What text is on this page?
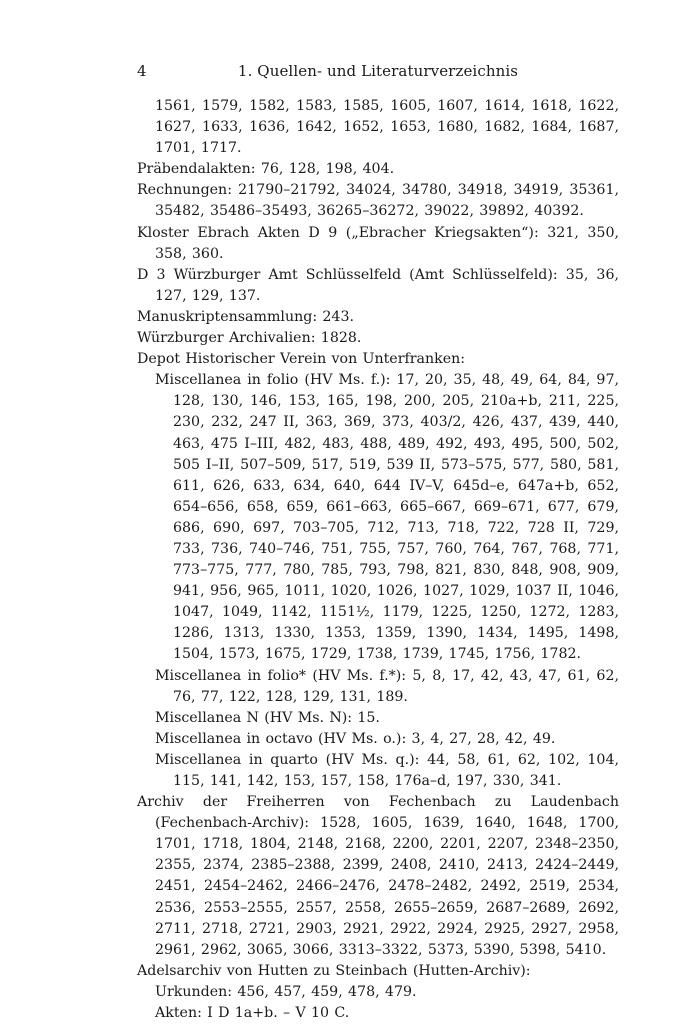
4	1. Quellen- und Literaturverzeichnis
1561, 1579, 1582, 1583, 1585, 1605, 1607, 1614, 1618, 1622, 1627, 1633, 1636, 1642, 1652, 1653, 1680, 1682, 1684, 1687, 1701, 1717.
Präbendalakten: 76, 128, 198, 404.
Rechnungen: 21790–21792, 34024, 34780, 34918, 34919, 35361, 35482, 35486–35493, 36265–36272, 39022, 39892, 40392.
Kloster Ebrach Akten D 9 („Ebracher Kriegsakten“): 321, 350, 358, 360.
D 3 Würzburger Amt Schlüsselfeld (Amt Schlüsselfeld): 35, 36, 127, 129, 137.
Manuskriptensammlung: 243.
Würzburger Archivalien: 1828.
Depot Historischer Verein von Unterfranken:
Miscellanea in folio (HV Ms. f.): 17, 20, 35, 48, 49, 64, 84, 97, 128, 130, 146, 153, 165, 198, 200, 205, 210a+b, 211, 225, 230, 232, 247 II, 363, 369, 373, 403/2, 426, 437, 439, 440, 463, 475 I–III, 482, 483, 488, 489, 492, 493, 495, 500, 502, 505 I–II, 507–509, 517, 519, 539 II, 573–575, 577, 580, 581, 611, 626, 633, 634, 640, 644 IV–V, 645d–e, 647a+b, 652, 654–656, 658, 659, 661–663, 665–667, 669–671, 677, 679, 686, 690, 697, 703–705, 712, 713, 718, 722, 728 II, 729, 733, 736, 740–746, 751, 755, 757, 760, 764, 767, 768, 771, 773–775, 777, 780, 785, 793, 798, 821, 830, 848, 908, 909, 941, 956, 965, 1011, 1020, 1026, 1027, 1029, 1037 II, 1046, 1047, 1049, 1142, 1151½, 1179, 1225, 1250, 1272, 1283, 1286, 1313, 1330, 1353, 1359, 1390, 1434, 1495, 1498, 1504, 1573, 1675, 1729, 1738, 1739, 1745, 1756, 1782.
Miscellanea in folio* (HV Ms. f.*): 5, 8, 17, 42, 43, 47, 61, 62, 76, 77, 122, 128, 129, 131, 189.
Miscellanea N (HV Ms. N): 15.
Miscellanea in octavo (HV Ms. o.): 3, 4, 27, 28, 42, 49.
Miscellanea in quarto (HV Ms. q.): 44, 58, 61, 62, 102, 104, 115, 141, 142, 153, 157, 158, 176a–d, 197, 330, 341.
Archiv der Freiherren von Fechenbach zu Laudenbach (Fechenbach-Archiv): 1528, 1605, 1639, 1640, 1648, 1700, 1701, 1718, 1804, 2148, 2168, 2200, 2201, 2207, 2348–2350, 2355, 2374, 2385–2388, 2399, 2408, 2410, 2413, 2424–2449, 2451, 2454–2462, 2466–2476, 2478–2482, 2492, 2519, 2534, 2536, 2553–2555, 2557, 2558, 2655–2659, 2687–2689, 2692, 2711, 2718, 2721, 2903, 2921, 2922, 2924, 2925, 2927, 2958, 2961, 2962, 3065, 3066, 3313–3322, 5373, 5390, 5398, 5410.
Adelsarchiv von Hutten zu Steinbach (Hutten-Archiv):
Urkunden: 456, 457, 459, 478, 479.
Akten: I D 1a+b. – V 10 C.
